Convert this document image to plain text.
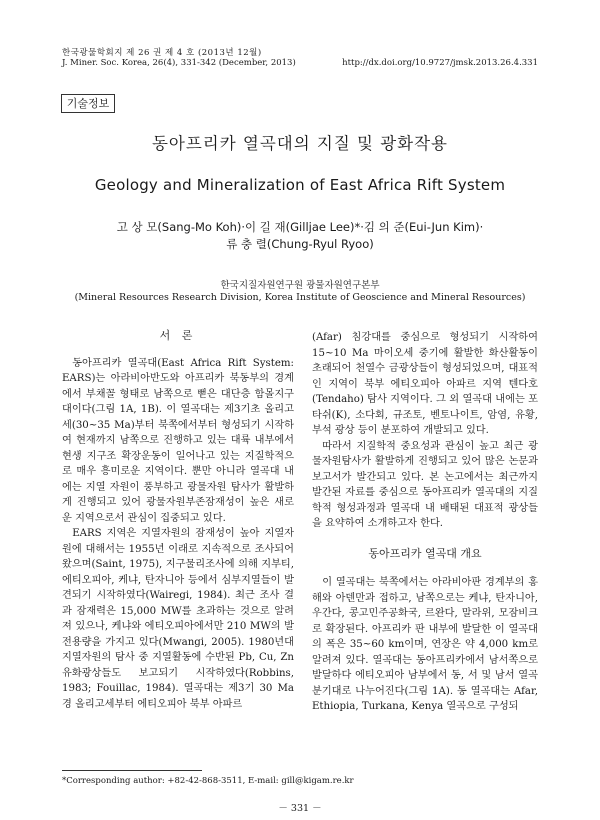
한국광물학회지 제 26 권 제 4 호 (2013년 12월)
J. Miner. Soc. Korea, 26(4), 331-342 (December, 2013)	http://dx.doi.org/10.9727/jmsk.2013.26.4.331
기술정보
동아프리카 열곡대의 지질 및 광화작용
Geology and Mineralization of East Africa Rift System
고 상 모(Sang-Mo Koh)·이 길 재(Gilljae Lee)*·김 의 준(Eui-Jun Kim)·
류 충 렬(Chung-Ryul Ryoo)
한국지질자원연구원 광물자원연구본부
(Mineral Resources Research Division, Korea Institute of Geoscience and Mineral Resources)
서 론

동아프리카 열곡대(East Africa Rift System: EARS)는 아라비아반도와 아프리카 북동부의 경계에서 부채꼴 형태로 남쪽으로 뻗은 대단층 함몰지구대이다(그림 1A, 1B). 이 열곡대는 제3기초 올리고세(30~35 Ma)부터 북쪽에서부터 형성되기 시작하여 현재까지 남쪽으로 진행하고 있는 대륙 내부에서 현생 지구조 확장운동이 일어나고 있는 지질학적으로 매우 흥미로운 지역이다. 뿐만 아니라 열곡대 내에는 지열 자원이 풍부하고 광물자원 탐사가 활발하게 진행되고 있어 광물자원부존잠재성이 높은 새로운 지역으로서 관심이 집중되고 있다.

EARS 지역은 지열자원의 잠재성이 높아 지열자원에 대해서는 1955년 이래로 지속적으로 조사되어 왔으며(Saint, 1975), 지구물리조사에 의해 지부티, 에티오피아, 케냐, 탄자니아 등에서 심부지열들이 발견되기 시작하였다(Wairegi, 1984). 최근 조사 결과 잠재력은 15,000 MW를 초과하는 것으로 알려져 있으나, 케냐와 에티오피아에서만 210 MW의 발전용량을 가지고 있다(Mwangi, 2005). 1980년대 지열자원의 탐사 중 지열활동에 수반된 Pb, Cu, Zn 유화광상들도 보고되기 시작하였다(Robbins, 1983; Fouillac, 1984). 열곡대는 제3기 30 Ma 경 올리고세부터 에티오피아 북부 아파르

(Afar) 침강대를 중심으로 형성되기 시작하여 15~10 Ma 마이오세 중기에 활발한 화산활동이 초래되어 천열수 금광상들이 형성되었으며, 대표적인 지역이 북부 에티오피아 아파르 지역 텐다호(Tendaho) 탐사 지역이다. 그 외 열곡대 내에는 포타쉬(K), 소다회, 규조토, 벤토나이트, 암염, 유황, 부석 광상 등이 분포하여 개발되고 있다.

따라서 지질학적 중요성과 관심이 높고 최근 광물자원탐사가 활발하게 진행되고 있어 많은 논문과 보고서가 발간되고 있다. 본 논고에서는 최근까지 발간된 자료를 중심으로 동아프리카 열곡대의 지질학적 형성과정과 열곡대 내 배태된 대표적 광상들을 요약하여 소개하고자 한다.

동아프리카 열곡대 개요

이 열곡대는 북쪽에서는 아라비아판 경계부의 홍해와 아덴만과 접하고, 남쪽으로는 케냐, 탄자니아, 우간다, 콩고민주공화국, 르완다, 말라위, 모잠비크로 확장된다. 아프리카 판 내부에 발달한 이 열곡대의 폭은 35~60 km이며, 연장은 약 4,000 km로 알려져 있다. 열곡대는 동아프리카에서 남서쪽으로 발달하다 에티오피아 남부에서 동, 서 및 남서 열곡 분기대로 나누어진다(그림 1A). 동 열곡대는 Afar, Ethiopia, Turkana, Kenya 열곡으로 구성되

*Corresponding author: +82-42-868-3511, E-mail: gill@kigam.re.kr
－ 331 －
